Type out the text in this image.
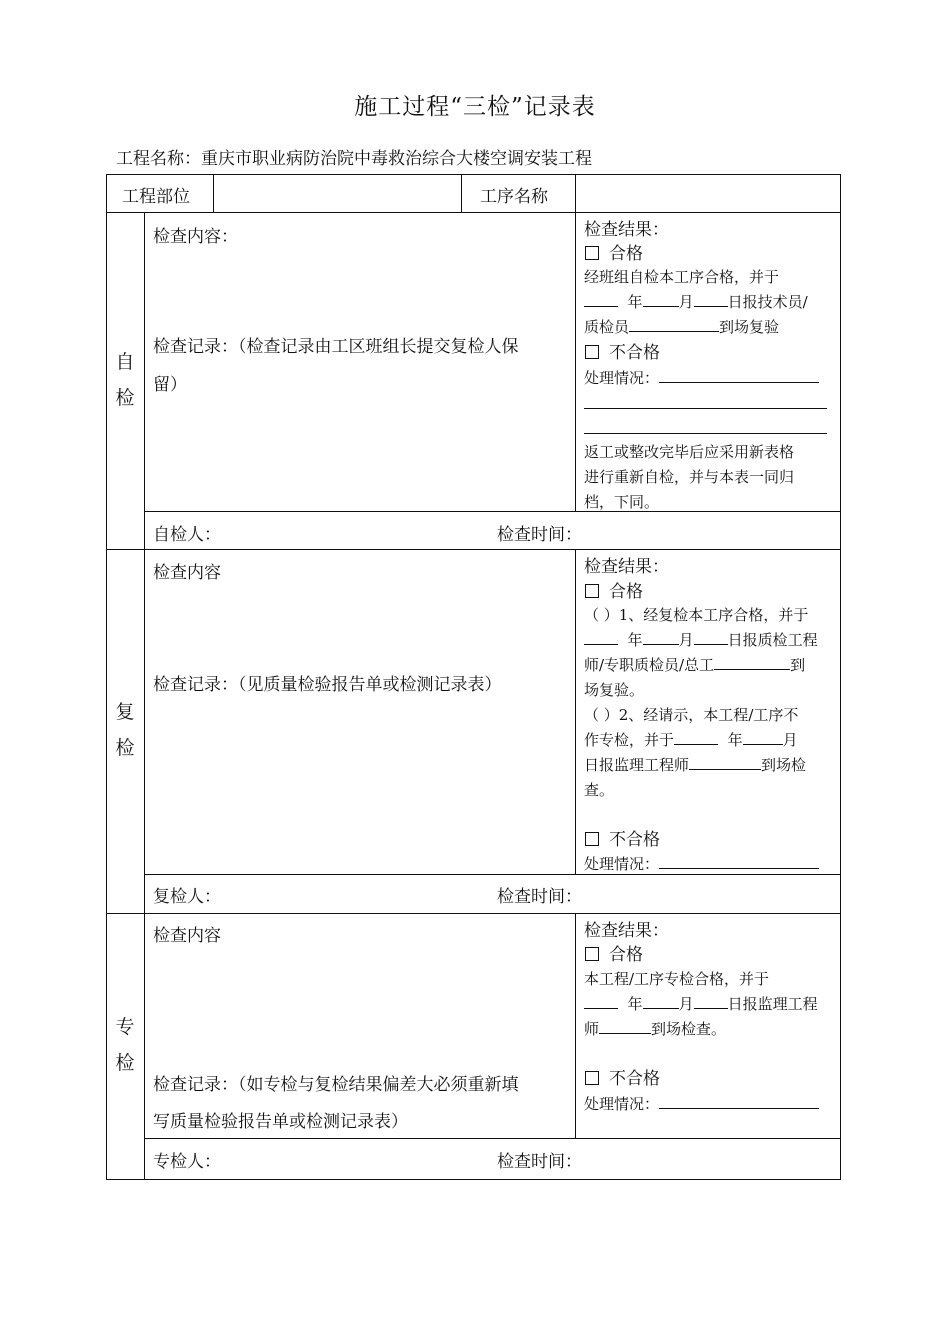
施工过程“三检”记录表
工程名称：重庆市职业病防治院中毒救治综合大楼空调安装工程
工程部位	工序名称
自
检
检查内容：
检查记录：（检查记录由工区班组长提交复检人保
留）
检查结果：
合格
经班组自检本工序合格，并于
年 月 日报技术员/
质检员	到场复验
不合格
处理情况：
返工或整改完毕后应采用新表格
进行重新自检，并与本表一同归
档，下同。
自检人：	检查时间：
复
检
检查内容
检查记录：（见质量检验报告单或检测记录表）
检查结果：
合格
（ ）1、经复检本工序合格，并于
年 月 日报质检工程
师/专职质检员/总工	到
场复验。
（ ）2、经请示，本工程/工序不
作专检，并于	年	月
日报监理工程师	到场检
查。
不合格
处理情况：
复检人：	检查时间：
专
检
检查内容
检查记录：（如专检与复检结果偏差大必须重新填
写质量检验报告单或检测记录表）
检查结果：
合格
本工程/工序专检合格，并于
年 月 日报监理工程
师	到场检查。
不合格
处理情况：
专检人：	检查时间：
